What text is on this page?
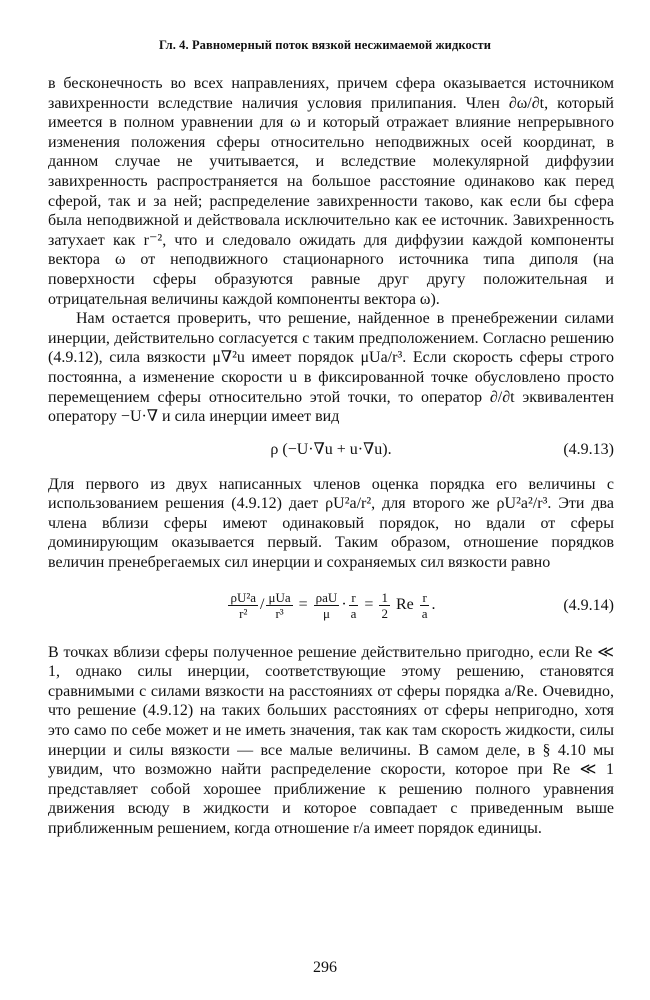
Гл. 4. Равномерный поток вязкой несжимаемой жидкости

в бесконечность во всех направлениях, причем сфера оказывается источником завихренности вследствие наличия условия прилипания. Член ∂ω/∂t, который имеется в полном уравнении для ω и который отражает влияние непрерывного изменения положения сферы относительно неподвижных осей координат, в данном случае не учитывается, и вследствие молекулярной диффузии завихренность распространяется на большое расстояние одинаково как перед сферой, так и за ней; распределение завихренности таково, как если бы сфера была неподвижной и действовала исключительно как ее источник. Завихренность затухает как r⁻², что и следовало ожидать для диффузии каждой компоненты вектора ω от неподвижного стационарного источника типа диполя (на поверхности сферы образуются равные друг другу положительная и отрицательная величины каждой компоненты вектора ω).

Нам остается проверить, что решение, найденное в пренебрежении силами инерции, действительно согласуется с таким предположением. Согласно решению (4.9.12), сила вязкости μ∇²u имеет порядок μUa/r³. Если скорость сферы строго постоянна, а изменение скорости u в фиксированной точке обусловлено просто перемещением сферы относительно этой точки, то оператор ∂/∂t эквивалентен оператору −U·∇ и сила инерции имеет вид

ρ (−U·∇u + u·∇u).	(4.9.13)

Для первого из двух написанных членов оценка порядка его величины с использованием решения (4.9.12) дает ρU²a/r², для второго же ρU²a²/r³. Эти два члена вблизи сферы имеют одинаковый порядок, но вдали от сферы доминирующим оказывается первый. Таким образом, отношение порядков величин пренебрегаемых сил инерции и сохраняемых сил вязкости равно

$\frac{\text{ρU²a}}{\text{r²}} / \frac{\text{μUa}}{\text{r³}} = \frac{\text{ρaU}}{\mu} \cdot \frac{r}{a} = \frac{1}{2}$ Re $\frac{r}{a}$ .	(4.9.14)

В точках вблизи сферы полученное решение действительно пригодно, если Re ≪ 1, однако силы инерции, соответствующие этому решению, становятся сравнимыми с силами вязкости на расстояниях от сферы порядка a/Re. Очевидно, что решение (4.9.12) на таких больших расстояниях от сферы непригодно, хотя это само по себе может и не иметь значения, так как там скорость жидкости, силы инерции и силы вязкости — все малые величины. В самом деле, в § 4.10 мы увидим, что возможно найти распределение скорости, которое при Re ≪ 1 представляет собой хорошее приближение к решению полного уравнения движения всюду в жидкости и которое совпадает с приведенным выше приближенным решением, когда отношение r/a имеет порядок единицы.

296
